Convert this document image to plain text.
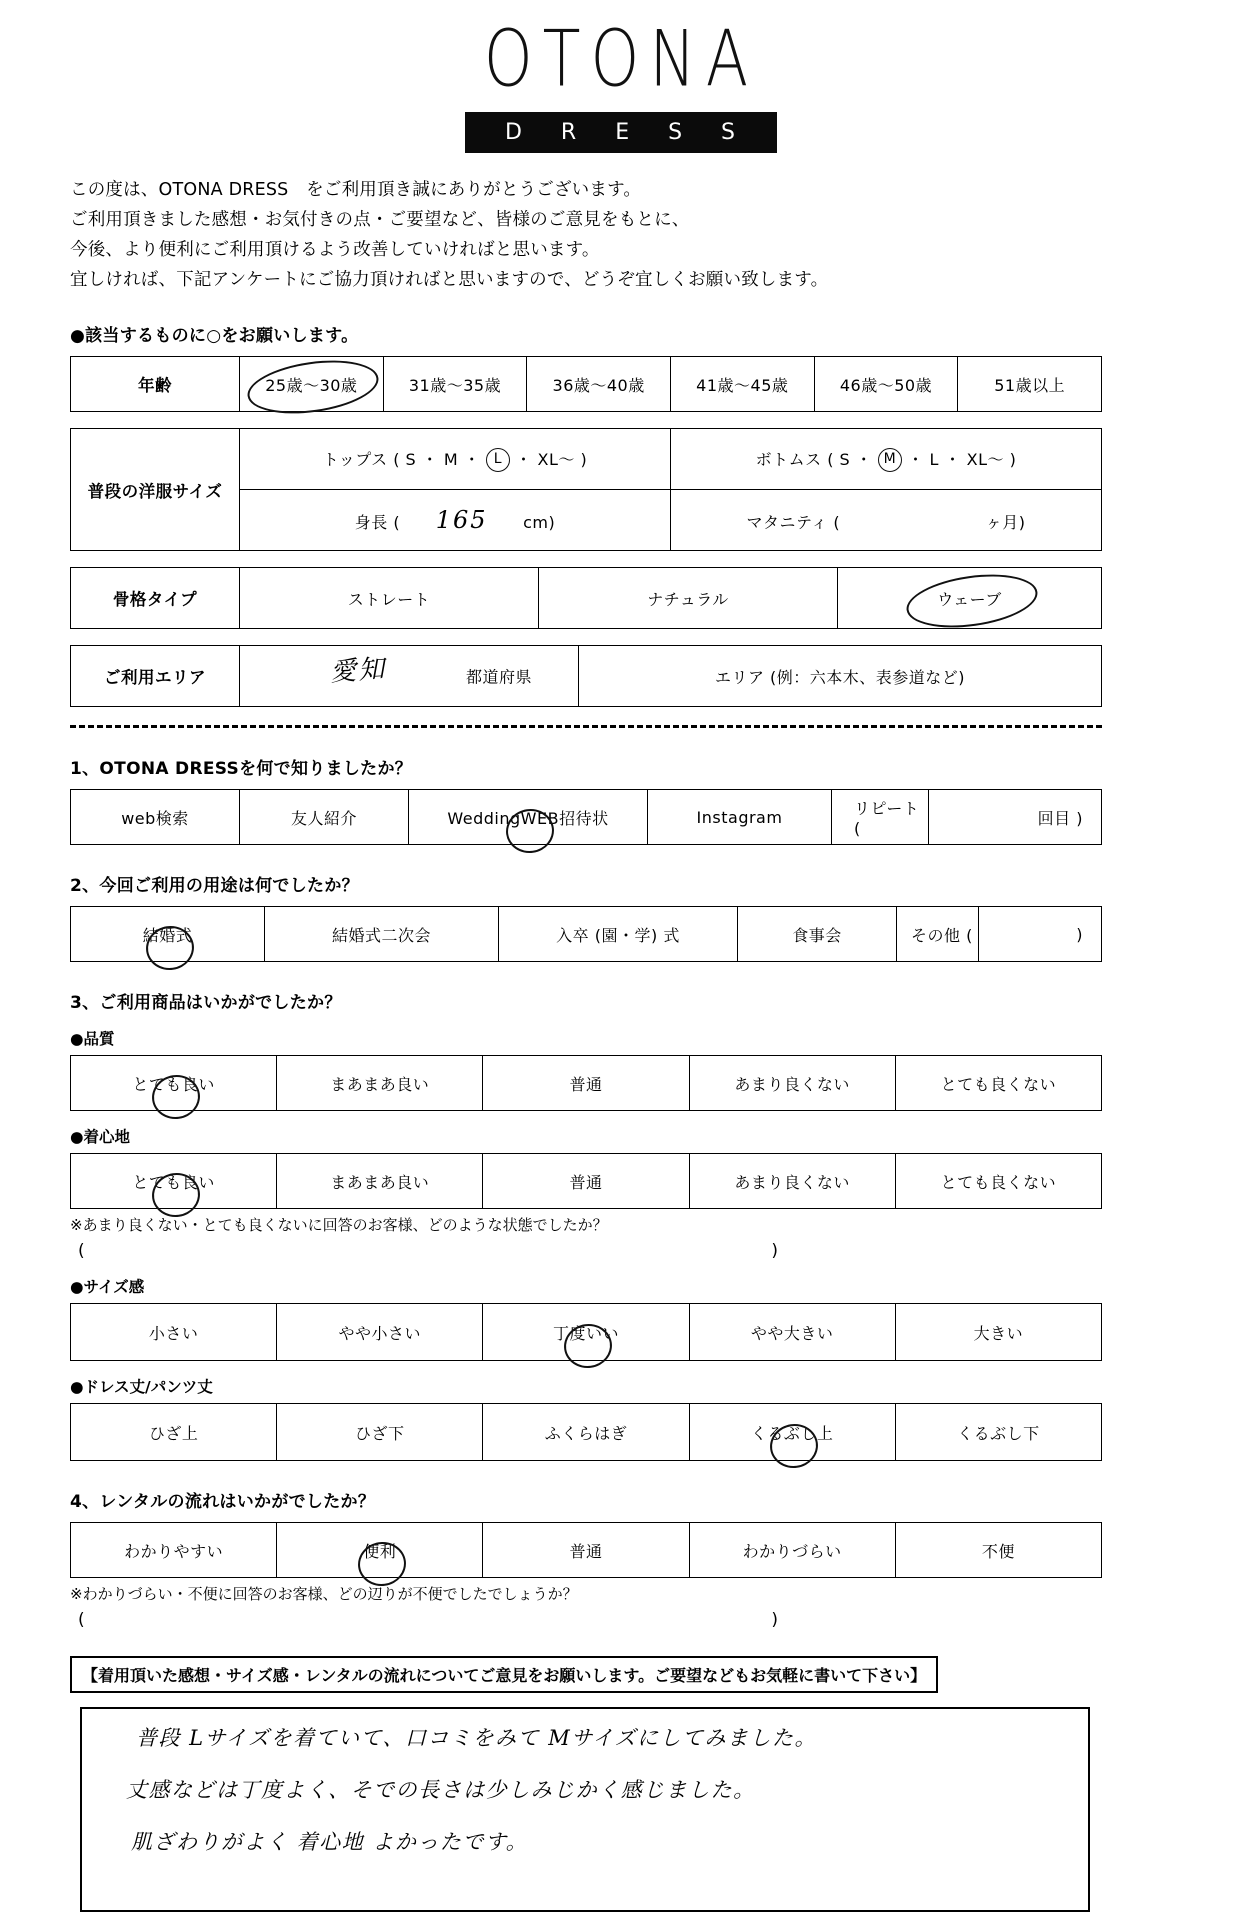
OTONA
D R E S S
この度は、OTONA DRESS　をご利用頂き誠にありがとうございます。
ご利用頂きました感想・お気付きの点・ご要望など、皆様のご意見をもとに、
今後、より便利にご利用頂けるよう改善していければと思います。
宜しければ、下記アンケートにご協力頂ければと思いますので、どうぞ宜しくお願い致します。
●該当するものに○をお願いします。
年齢	25歳～30歳	31歳～35歳	36歳～40歳	41歳～45歳	46歳～50歳	51歳以上
普段の洋服サイズ	トップス ( S ・ M ・ L ・ XL～ )	ボトムス ( S ・ M ・ L ・ XL～ )
	身長 ( 165 cm)	マタニティ ( ヶ月)
骨格タイプ	ストレート	ナチュラル	ウェーブ
ご利用エリア	愛知	都道府県	エリア (例：六本木、表参道など)
1、OTONA DRESSを何で知りましたか？
web検索	友人紹介	WeddingWEB招待状	Instagram	リピート (	回目 )
2、今回ご利用の用途は何でしたか？
結婚式	結婚式二次会	入卒 (園・学) 式	食事会	その他 (	)
3、ご利用商品はいかがでしたか？
●品質
とても良い	まあまあ良い	普通	あまり良くない	とても良くない
●着心地
とても良い	まあまあ良い	普通	あまり良くない	とても良くない
※あまり良くない・とても良くないに回答のお客様、どのような状態でしたか？
(	)
●サイズ感
小さい	やや小さい	丁度いい	やや大きい	大きい
●ドレス丈/パンツ丈
ひざ上	ひざ下	ふくらはぎ	くるぶし上	くるぶし下
4、レンタルの流れはいかがでしたか？
わかりやすい	便利	普通	わかりづらい	不便
※わかりづらい・不便に回答のお客様、どの辺りが不便でしたでしょうか？
(	)
【着用頂いた感想・サイズ感・レンタルの流れについてご意見をお願いします。ご要望などもお気軽に書いて下さい】
普段 Lサイズを着ていて、口コミをみて Mサイズにしてみました。
丈感などは丁度よく、そでの長さは少しみじかく感じました。
肌ざわりがよく 着心地 よかったです。
